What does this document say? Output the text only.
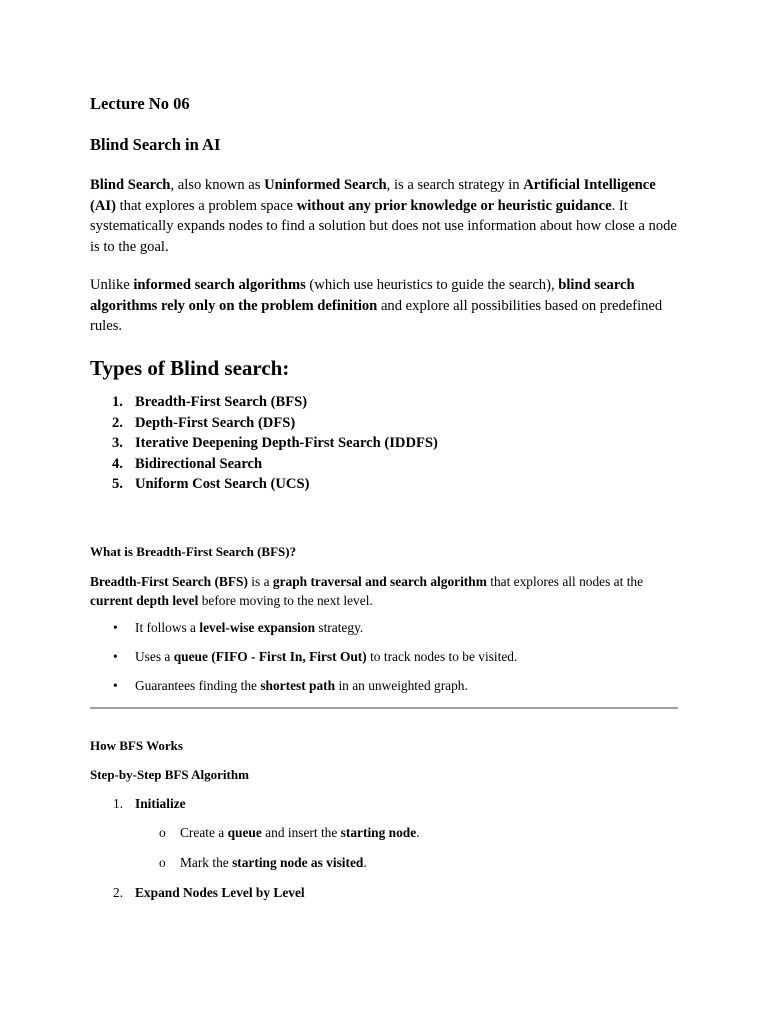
Lecture No 06

Blind Search in AI

Blind Search, also known as Uninformed Search, is a search strategy in Artificial Intelligence (AI) that explores a problem space without any prior knowledge or heuristic guidance. It systematically expands nodes to find a solution but does not use information about how close a node is to the goal.

Unlike informed search algorithms (which use heuristics to guide the search), blind search algorithms rely only on the problem definition and explore all possibilities based on predefined rules.

Types of Blind search:
1. Breadth-First Search (BFS)
2. Depth-First Search (DFS)
3. Iterative Deepening Depth-First Search (IDDFS)
4. Bidirectional Search
5. Uniform Cost Search (UCS)

What is Breadth-First Search (BFS)?

Breadth-First Search (BFS) is a graph traversal and search algorithm that explores all nodes at the current depth level before moving to the next level.

• It follows a level-wise expansion strategy.
• Uses a queue (FIFO - First In, First Out) to track nodes to be visited.
• Guarantees finding the shortest path in an unweighted graph.

How BFS Works

Step-by-Step BFS Algorithm

1. Initialize
o Create a queue and insert the starting node.
o Mark the starting node as visited.
2. Expand Nodes Level by Level
